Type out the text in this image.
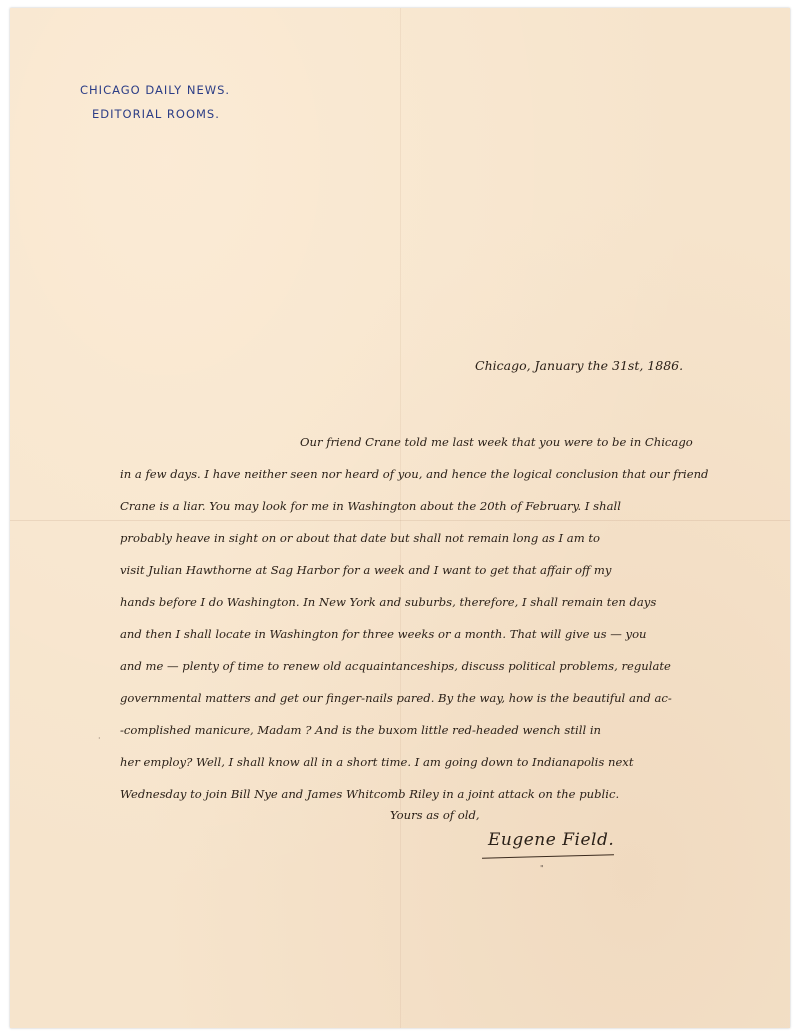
CHICAGO DAILY NEWS.
EDITORIAL ROOMS.
Chicago, January the 31st, 1886.
Our friend Crane told me last week that you were to be in Chicago
in a few days. I have neither seen nor heard of you, and hence the logical conclusion that our friend
Crane is a liar. You may look for me in Washington about the 20th of February. I shall
probably heave in sight on or about that date but shall not remain long as I am to
visit Julian Hawthorne at Sag Harbor for a week and I want to get that affair off my
hands before I do Washington. In New York and suburbs, therefore, I shall remain ten days
and then I shall locate in Washington for three weeks or a month. That will give us — you
and me — plenty of time to renew old acquaintanceships, discuss political problems, regulate
governmental matters and get our finger-nails pared. By the way, how is the beautiful and ac-
-complished manicure, Madam ? And is the buxom little red-headed wench still in
her employ? Well, I shall know all in a short time. I am going down to Indianapolis next
Wednesday to join Bill Nye and James Whitcomb Riley in a joint attack on the public.
Yours as of old,
Eugene Field.
"
·
